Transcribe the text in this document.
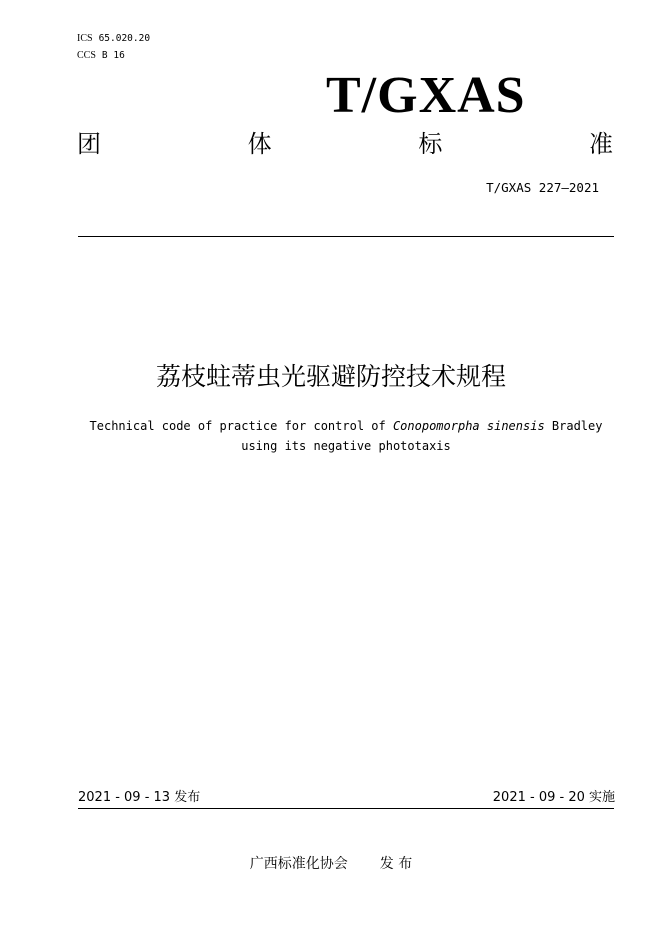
ICS 65.020.20
CCS B 16
T/GXAS
团	体	标	准
T/GXAS 227—2021
荔枝蛀蒂虫光驱避防控技术规程
Technical code of practice for control of Conopomorpha sinensis Bradley using its negative phototaxis
2021 - 09 - 13 发布	2021 - 09 - 20 实施
广西标准化协会 发 布
